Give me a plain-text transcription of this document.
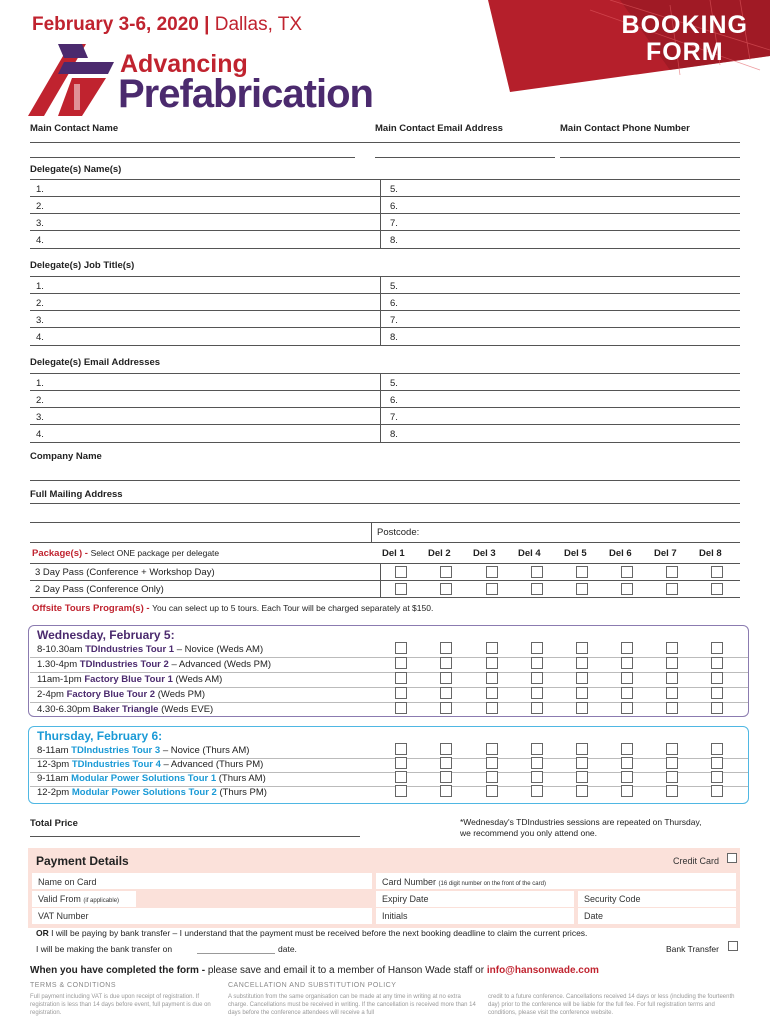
February 3-6, 2020 | Dallas, TX	BOOKING
FORM
Advancing
Prefabrication
Main Contact Name	Main Contact Email Address	Main Contact Phone Number
Delegate(s) Name(s)
1.
2.
3.
4.
5.
6.
7.
8.
Delegate(s) Job Title(s)
1.
2.
3.
4.
5.
6.
7.
8.
Delegate(s) Email Addresses
1.
2.
3.
4.
5.
6.
7.
8.
Company Name
Full Mailing Address
Postcode:
Package(s) - Select ONE package per delegate	Del 1 Del 2 Del 3 Del 4 Del 5 Del 6 Del 7 Del 8
3 Day Pass (Conference + Workshop Day)
2 Day Pass (Conference Only)
Offsite Tours Program(s) - You can select up to 5 tours. Each Tour will be charged separately at $150.
Wednesday, February 5:
8-10.30am TDIndustries Tour 1 – Novice (Weds AM)
1.30-4pm TDIndustries Tour 2 – Advanced (Weds PM)
11am-1pm Factory Blue Tour 1 (Weds AM)
2-4pm Factory Blue Tour 2 (Weds PM)
4.30-6.30pm Baker Triangle (Weds EVE)
Thursday, February 6:
8-11am TDIndustries Tour 3 – Novice (Thurs AM)
12-3pm TDIndustries Tour 4 – Advanced (Thurs PM)
9-11am Modular Power Solutions Tour 1 (Thurs AM)
12-2pm Modular Power Solutions Tour 2 (Thurs PM)
Total Price	*Wednesday's TDIndustries sessions are repeated on Thursday,
we recommend you only attend one.
Credit Card
Name on Card	Card Number (16 digit number on the front of the card)
Valid From (if applicable)	Expiry Date	Security Code
VAT Number	Initials	Date
Payment Details
OR I will be paying by bank transfer – I understand that the payment must be received before the next booking deadline to claim the current prices.
I will be making the bank transfer on	date.	Bank Transfer
When you have completed the form - please save and email it to a member of Hanson Wade staff or info@hansonwade.com
TERMS & CONDITIONS
Full payment including VAT is due upon receipt of registration. If registration is less than 14 days before event, full payment is due on registration.
CANCELLATION AND SUBSTITUTION POLICY
A substitution from the same organisation can be made at any time in writing at no extra charge. Cancellations must be received in writing. If the cancellation is received more than 14 days before the conference attendees will receive a full
credit to a future conference. Cancellations received 14 days or less (including the fourteenth day) prior to the conference will be liable for the full fee. For full registration terms and conditions, please visit the conference website.
